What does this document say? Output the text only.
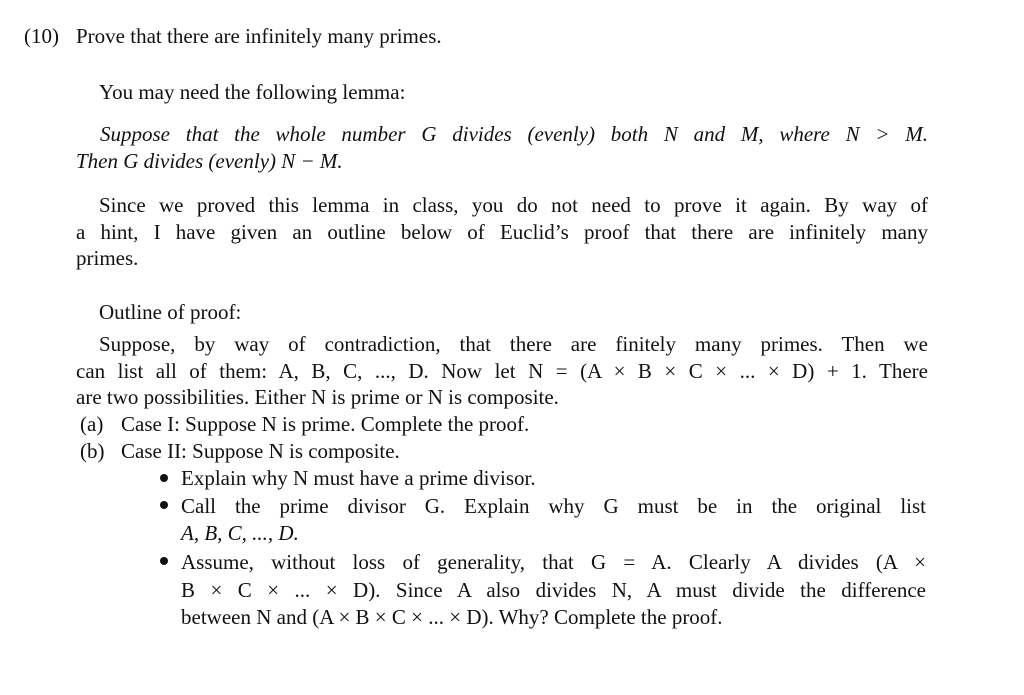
(10) Prove that there are infinitely many primes.
You may need the following lemma:
Suppose that the whole number G divides (evenly) both N and M, where N > M.
Then G divides (evenly) N − M.
Since we proved this lemma in class, you do not need to prove it again. By way of
a hint, I have given an outline below of Euclid’s proof that there are infinitely many
primes.
Outline of proof:
Suppose, by way of contradiction, that there are finitely many primes. Then we
can list all of them: A, B, C, ..., D. Now let N = (A × B × C × ... × D) + 1. There
are two possibilities. Either N is prime or N is composite.
(a) Case I: Suppose N is prime. Complete the proof.
(b) Case II: Suppose N is composite.
Explain why N must have a prime divisor.
Call the prime divisor G. Explain why G must be in the original list
A, B, C, ..., D.
Assume, without loss of generality, that G = A. Clearly A divides (A ×
B × C × ... × D). Since A also divides N, A must divide the difference
between N and (A × B × C × ... × D). Why? Complete the proof.
